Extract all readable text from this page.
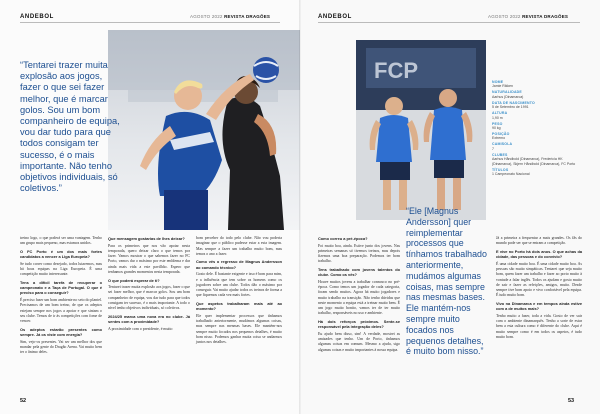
ANDEBOL	AGOSTO 2022 REVISTA DRAGÕES
“Tentarei trazer muita explosão aos jogos, fazer o que sei fazer melhor, que é marcar golos. Sou um bom companheiro de equipa, vou dar tudo para que todos consigam ter sucesso, é o mais importante. Não tenho objetivos individuais, só coletivos.”

treino logo, o que poderá ser uma vantagem. Tenho um grupo mais pequeno, mas estamos unidos.

O FC Porto é um dos mais fortes candidatos a vencer a Liga Europeia?

Se tudo correr como desejado, todos lutaremos, mas há boas equipas na Liga Europeia. É uma competição muito interessante.

Tens a difícil tarefa de recuperar o campeonato e a Taça de Portugal. O que é preciso para o conseguir?

É preciso fazer um bom ambiente no seio do plantel. Precisamos de um bom treino, de que os adeptos estejam sempre nos jogos a apoiar e que sintam o seu clube. Temos de ir às competições com fome de vencer.

Os adeptos estarão presentes como sempre. Já os viste com energia?

Sim, vejo-os presentes. Vai ser um melhor dos que mandar pela gente do Dragão Arena. Vai muito bem ter o ânimo deles.

Que mensagem gostarias de lhes deixar?

Para os primeiros que nos vão apoiar nesta temporada, quero deixar claro o que temos por fazer. Vamos mostrar o que sabemos fazer no FC Porto, vamos dar o máximo por este emblema e dar ainda mais vida a este pavilhão. Espero que tenhamos grandes momentos nesta temporada.

O que poderá esperar de ti?

Tentarei trazer muita explosão aos jogos, fazer o que sei fazer melhor, que é marcar golos. Sou um bom companheiro de equipa, vou dar tudo para que todos consigam ter sucesso, é o mais importante. A todo o nível tenho objetivos individuais, só coletivos.

2024/25 marca uma nova era no clube. Já sentes com a proximidade?

A proximidade com o presidente, é muito

bom perceber do todo pelo clube. Não vou poderia imaginar que o público pudesse estar a esta imagem. Mas sempre a fazer um trabalho muito bom, mas temos o ano a fazer.

Como vês o regresso de Magnus Andersson ao comando técnico?

Gosto dele. É bastante exigente e isso é bom para mim, e a influência que tem sobre os homens como os jogadores sobre um clube. Todos dão o máximo por conseguir. Vai muito ajudar todos os treinos de forma a que fiquemos cada vez mais fortes.

Que aspetos trabalharam mais até ao momento?

Ele quer implementar processos que tínhamos trabalhado anteriormente, mudámos algumas coisas, mas sempre nas mesmas bases. Ele mantém-nos sempre muito focados nos pequenos detalhes, é muito bom nisso. Podemos ganhar muita coisa se andarmos juntos nos detalhes.

52
ANDEBOL	AGOSTO 2022 REVISTA DRAGÕES
FCP	NOME
Jamie Rikken
NATURALIDADE
Aarhus (Dinamarca)
DATA DE NASCIMENTO
5 de Setembro de 1991
ALTURA
1,90 m
PESO
90 kg
POSIÇÃO
Extremo
CAMISOLA
7
CLUBES
Aarhus Håndbold (Dinamarca), Fredericia HK (Dinamarca), Skjern Håndbold (Dinamarca), FC Porto
TÍTULOS
1 Campeonato Nacional

Como correu a pré-época?

Foi muito boa, ainda. Estive junto dos jovens. Nas primeiras semanas só tivemos treinos, mas depois fizemos uma boa preparação. Podemos ter bom trabalho.

Tens trabalhado com jovens talentos do clube. Como os vês?

Houve muitos jovens a trabalhar connosco no pré-época. Como temos um jogador de cada categoria, foram sendo muitos. Agora há muito jogadores e muito trabalho na transição. Não tenho dúvidas que neste momento a equipa está a treinar muito bem. É um jogo muito bonito, vamos ter de ter muito trabalho, responsáveis no uso e ambiente.

Há dois reforços próximos. Sente-se responsável pela integração deles?

Eu ajudo bem disso, sim! A verdade, mostrei as amizades que tenho. Um de Porto, tínhamos algumas coisas em comum. Mesmo a ajuda, sigo algumas coisas e muito importantes à nossa equipa.

“Ele [Magnus Andersson] quer reimplementar processos que tínhamos trabalhado anteriormente, mudámos algumas coisas, mas sempre nas mesmas bases. Ele mantém-nos sempre muito focados nos pequenos detalhes, é muito bom nisso.”

Já a primeira a frequentar a mais grandes. Os fãs do mundo pode ser que se entram a competição.

E vive no Porto há dois anos. O que achas da cidade, das pessoas e do convívio?

É uma cidade muito boa. É uma cidade muito boa. As pessoas são muito simpáticas. Tentarei que seja muito bom, quem fazer um trabalho e fazer ao porto muito à vontade a falar inglês. Todos os ajudam e gosto muito de sair e fazer as refeições, amigos, muito. Desde sempre tive bom apoio e vivo confortável pela equipa. É tudo muito bom.

Vivo na Dinamarca e em tempos ainda estive com a de muitos mais?

Tenho muito a fazer, toda a vida. Gosto de ver sair com o ambiente dinamarquês. Tenho a sorte de estar bem a esta cultura como é diferente do clube. Aqui é muito sempre como é em todos os aspetos, é tudo muito bom.

53
